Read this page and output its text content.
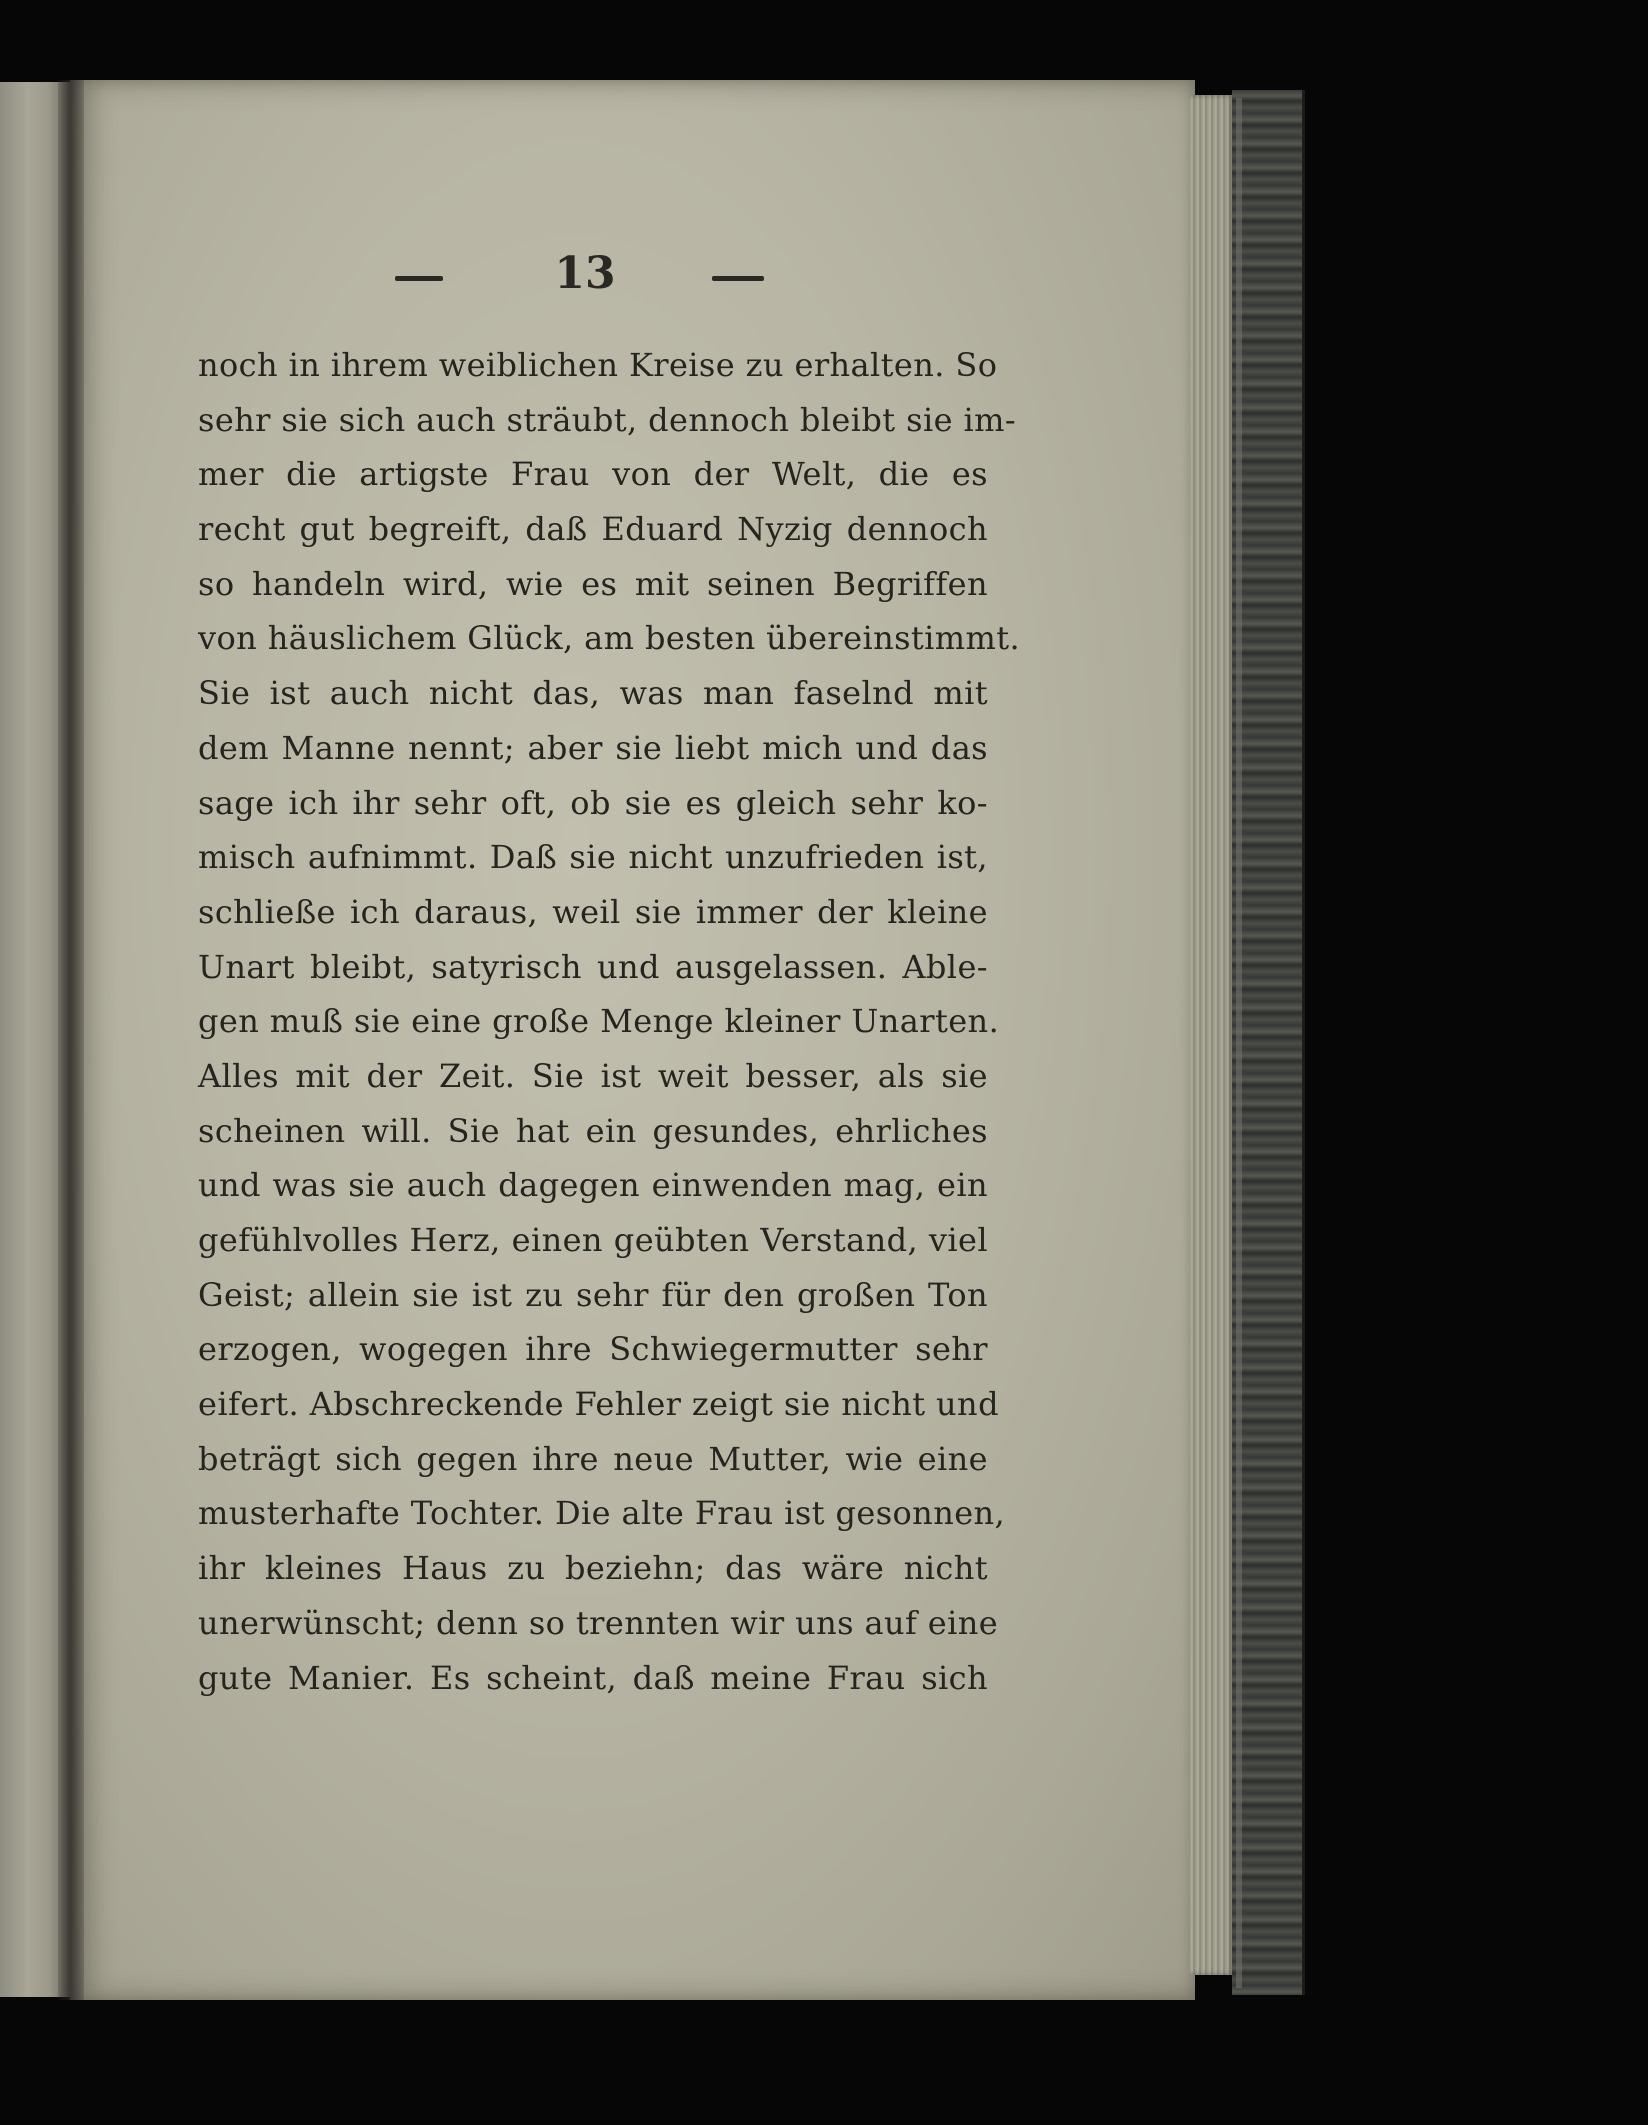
13
noch in ihrem weiblichen Kreise zu erhalten. So
sehr sie sich auch sträubt, dennoch bleibt sie im-
mer die artigste Frau von der Welt, die es
recht gut begreift, daß Eduard Nyzig dennoch
so handeln wird, wie es mit seinen Begriffen
von häuslichem Glück, am besten übereinstimmt.
Sie ist auch nicht das, was man faselnd mit
dem Manne nennt; aber sie liebt mich und das
sage ich ihr sehr oft, ob sie es gleich sehr ko-
misch aufnimmt. Daß sie nicht unzufrieden ist,
schließe ich daraus, weil sie immer der kleine
Unart bleibt, satyrisch und ausgelassen. Able-
gen muß sie eine große Menge kleiner Unarten.
Alles mit der Zeit. Sie ist weit besser, als sie
scheinen will. Sie hat ein gesundes, ehrliches
und was sie auch dagegen einwenden mag, ein
gefühlvolles Herz, einen geübten Verstand, viel
Geist; allein sie ist zu sehr für den großen Ton
erzogen, wogegen ihre Schwiegermutter sehr
eifert. Abschreckende Fehler zeigt sie nicht und
beträgt sich gegen ihre neue Mutter, wie eine
musterhafte Tochter. Die alte Frau ist gesonnen,
ihr kleines Haus zu beziehn; das wäre nicht
unerwünscht; denn so trennten wir uns auf eine
gute Manier. Es scheint, daß meine Frau sich
